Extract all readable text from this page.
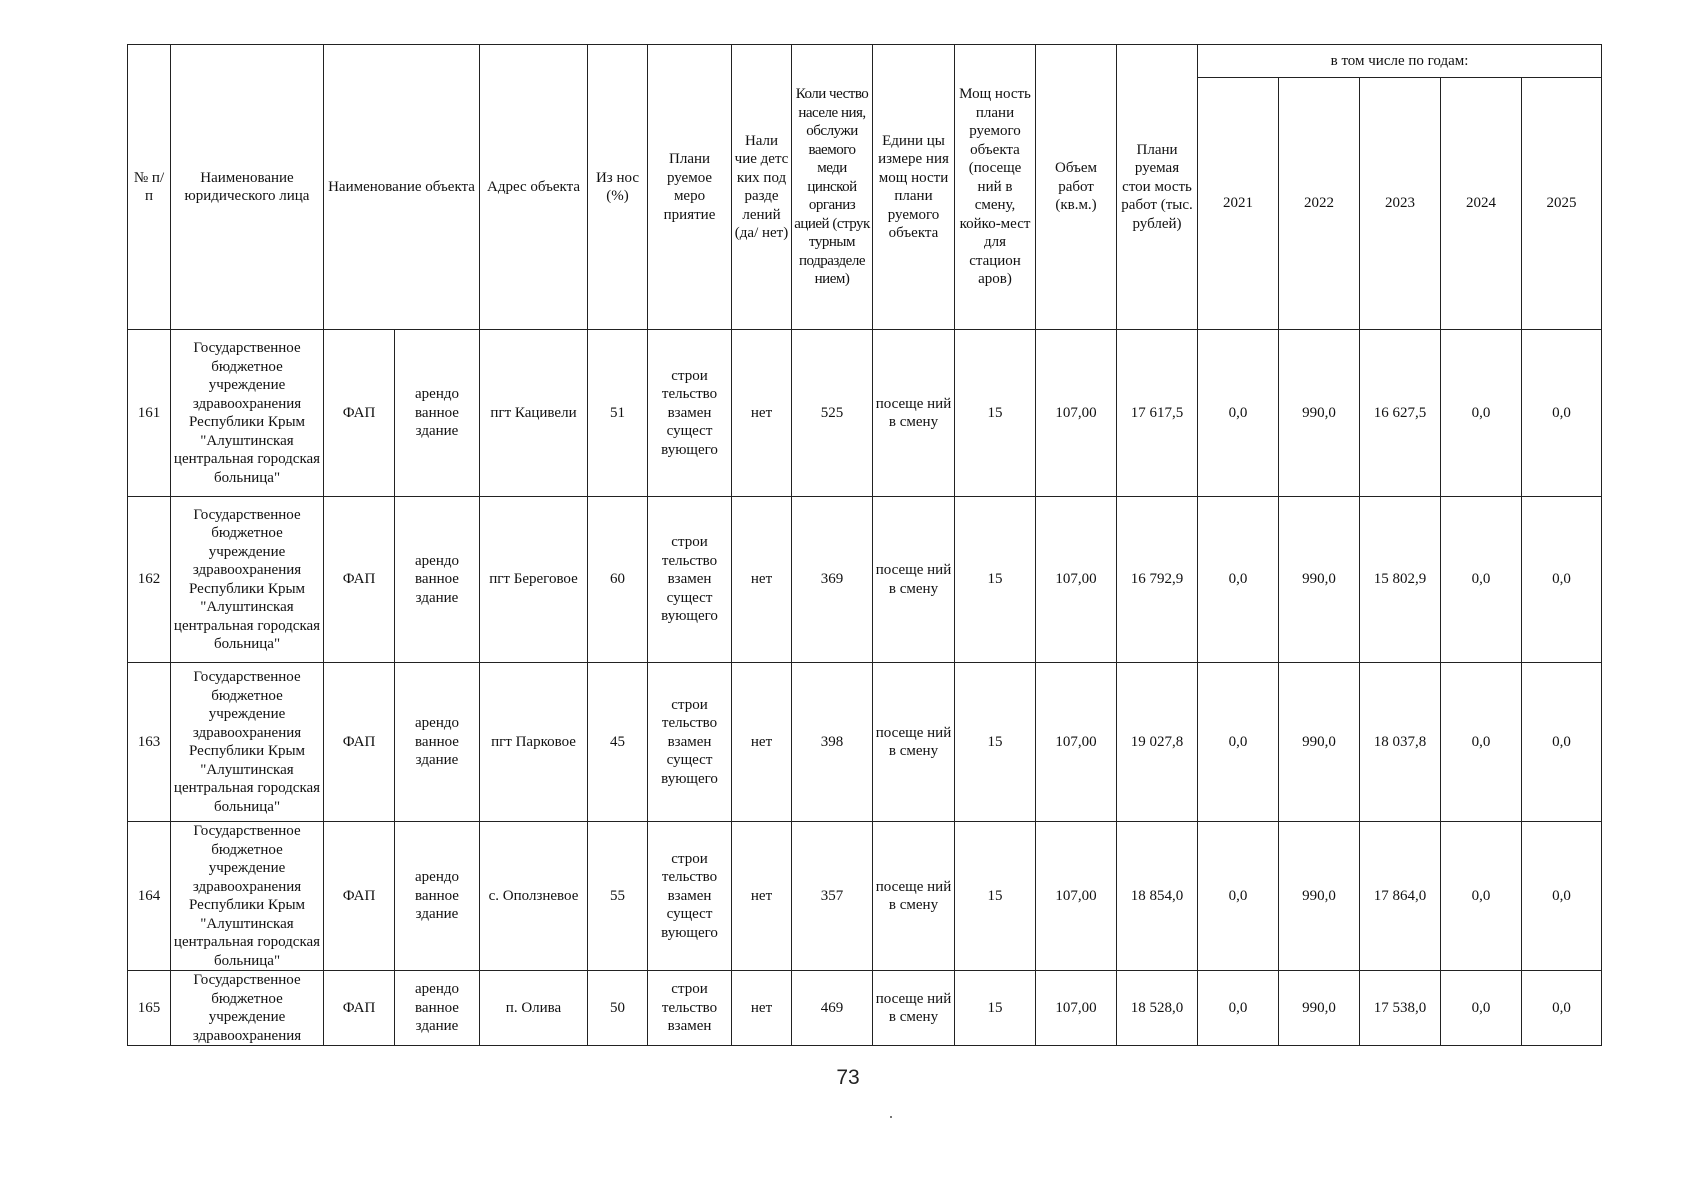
№ п/п	Наименование юридического лица	Наименование объекта		Адрес объекта	Из нос (%)	Плани руемое меро приятие	Нали чие детс ких под разде лений (да/ нет)	Коли чество населе ния, обслужи ваемого меди цинской организ ацией (струк турным подразделе нием)	Едини цы измере ния мощ ности плани руемого объекта	Мощ ность плани руемого объекта (посеще ний в смену, койко-мест для стацион аров)	Объем работ (кв.м.)	Плани руемая стои мость работ (тыс. рублей)	в том числе по годам:				
													2021	2022	2023	2024	2025
161	Государственное бюджетное учреждение здравоохранения Республики Крым "Алуштинская центральная городская больница"	ФАП	арендо ванное здание	пгт Кацивели	51	строи тельство взамен сущест вующего	нет	525	посеще ний в смену	15	107,00	17 617,5	0,0	990,0	16 627,5	0,0	0,0
162	Государственное бюджетное учреждение здравоохранения Республики Крым "Алуштинская центральная городская больница"	ФАП	арендо ванное здание	пгт Береговое	60	строи тельство взамен сущест вующего	нет	369	посеще ний в смену	15	107,00	16 792,9	0,0	990,0	15 802,9	0,0	0,0
163	Государственное бюджетное учреждение здравоохранения Республики Крым "Алуштинская центральная городская больница"	ФАП	арендо ванное здание	пгт Парковое	45	строи тельство взамен сущест вующего	нет	398	посеще ний в смену	15	107,00	19 027,8	0,0	990,0	18 037,8	0,0	0,0
164	Государственное бюджетное учреждение здравоохранения Республики Крым "Алуштинская центральная городская больница"	ФАП	арендо ванное здание	с. Оползневое	55	строи тельство взамен сущест вующего	нет	357	посеще ний в смену	15	107,00	18 854,0	0,0	990,0	17 864,0	0,0	0,0
165	Государственное бюджетное учреждение здравоохранения	ФАП	арендо ванное здание	п. Олива	50	строи тельство взамен	нет	469	посеще ний в смену	15	107,00	18 528,0	0,0	990,0	17 538,0	0,0	0,0
73
